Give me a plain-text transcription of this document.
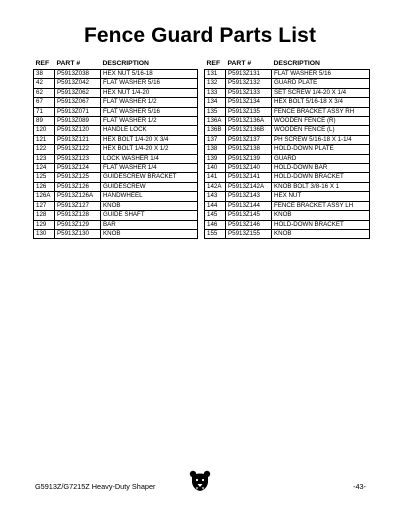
Fence Guard Parts List
REF	PART #	DESCRIPTION
38	P5913Z038	HEX NUT 5/16-18
42	P5913Z042	FLAT WASHER 5/16
62	P5913Z062	HEX NUT 1/4-20
67	P5913Z067	FLAT WASHER 1/2
71	P5913Z071	FLAT WASHER 5/16
89	P5913Z089	FLAT WASHER 1/2
120	P5913Z120	HANDLE LOCK
121	P5913Z121	HEX BOLT 1/4-20 X 3/4
122	P5913Z122	HEX BOLT 1/4-20 X 1/2
123	P5913Z123	LOCK WASHER 1/4
124	P5913Z124	FLAT WASHER 1/4
125	P5913Z125	GUIDESCREW BRACKET
126	P5913Z126	GUIDESCREW
126A	P5913Z126A	HANDWHEEL
127	P5913Z127	KNOB
128	P5913Z128	GUIDE SHAFT
129	P5913Z129	BAR
130	P5913Z130	KNOB
REF	PART #	DESCRIPTION
131	P5913Z131	FLAT WASHER 5/16
132	P5913Z132	GUARD PLATE
133	P5913Z133	SET SCREW 1/4-20 X 1/4
134	P5913Z134	HEX BOLT 5/16-18 X 3/4
135	P5913Z135	FENCE BRACKET ASSY RH
136A	P5913Z136A	WOODEN FENCE (R)
136B	P5913Z136B	WOODEN FENCE (L)
137	P5913Z137	PH SCREW 5/16-18 X 1-1/4
138	P5913Z138	HOLD-DOWN PLATE
139	P5913Z139	GUARD
140	P5913Z140	HOLD-DOWN BAR
141	P5913Z141	HOLD-DOWN BRACKET
142A	P5913Z142A	KNOB BOLT 3/8-16 X 1
143	P5913Z143	HEX NUT
144	P5913Z144	FENCE BRACKET ASSY LH
145	P5913Z145	KNOB
146	P5913Z146	HOLD-DOWN BRACKET
155	P5913Z155	KNOB
G5913Z/G7215Z Heavy-Duty Shaper	-43-
